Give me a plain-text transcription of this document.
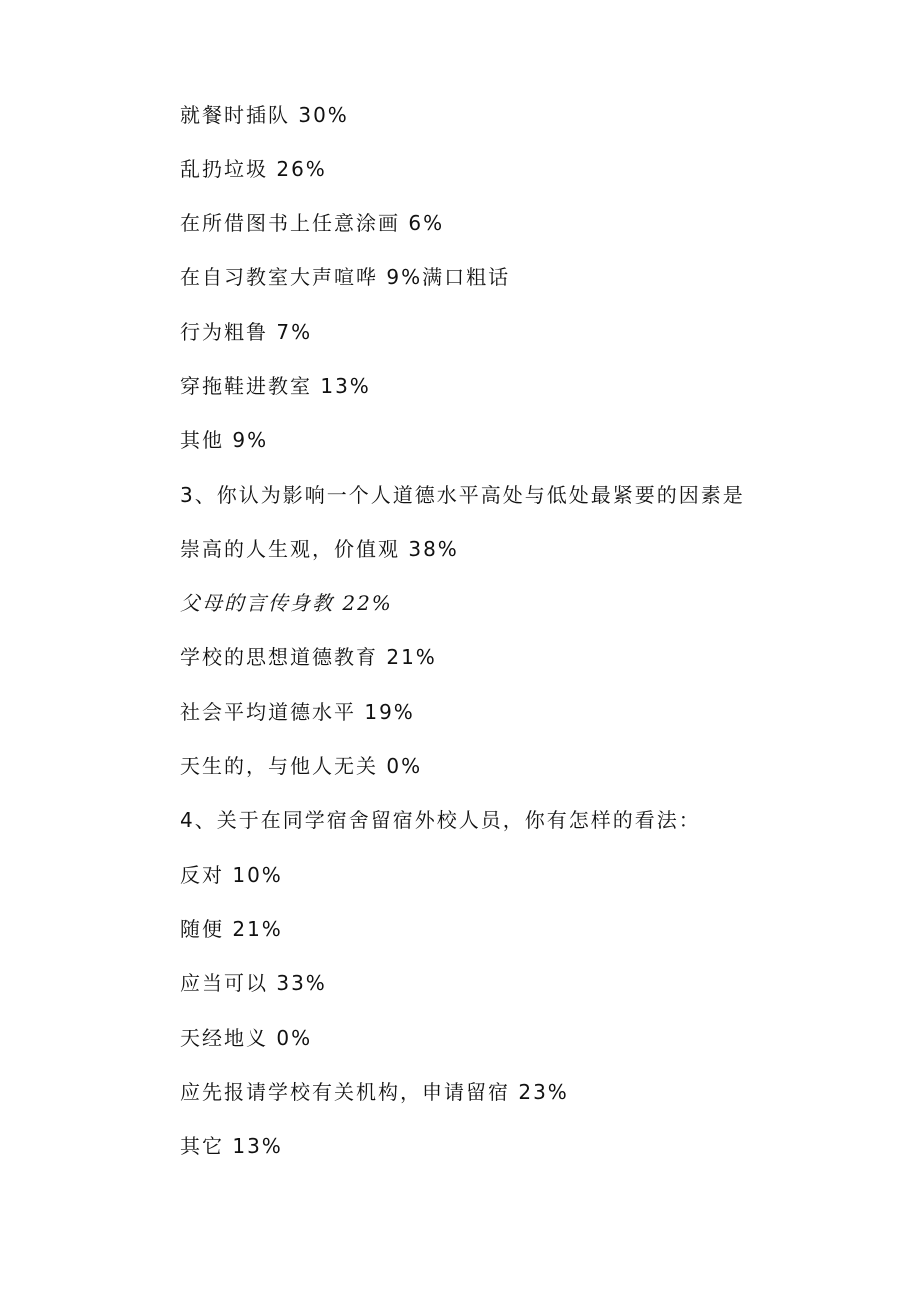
就餐时插队 30%

乱扔垃圾 26%

在所借图书上任意涂画 6%

在自习教室大声喧哗 9%满口粗话

行为粗鲁 7%

穿拖鞋进教室 13%

其他 9%

3、你认为影响一个人道德水平高处与低处最紧要的因素是

崇高的人生观，价值观 38%

父母的言传身教 22%

学校的思想道德教育 21%

社会平均道德水平 19%

天生的，与他人无关 0%

4、关于在同学宿舍留宿外校人员，你有怎样的看法：

反对 10%

随便 21%

应当可以 33%

天经地义 0%

应先报请学校有关机构，申请留宿 23%

其它 13%
